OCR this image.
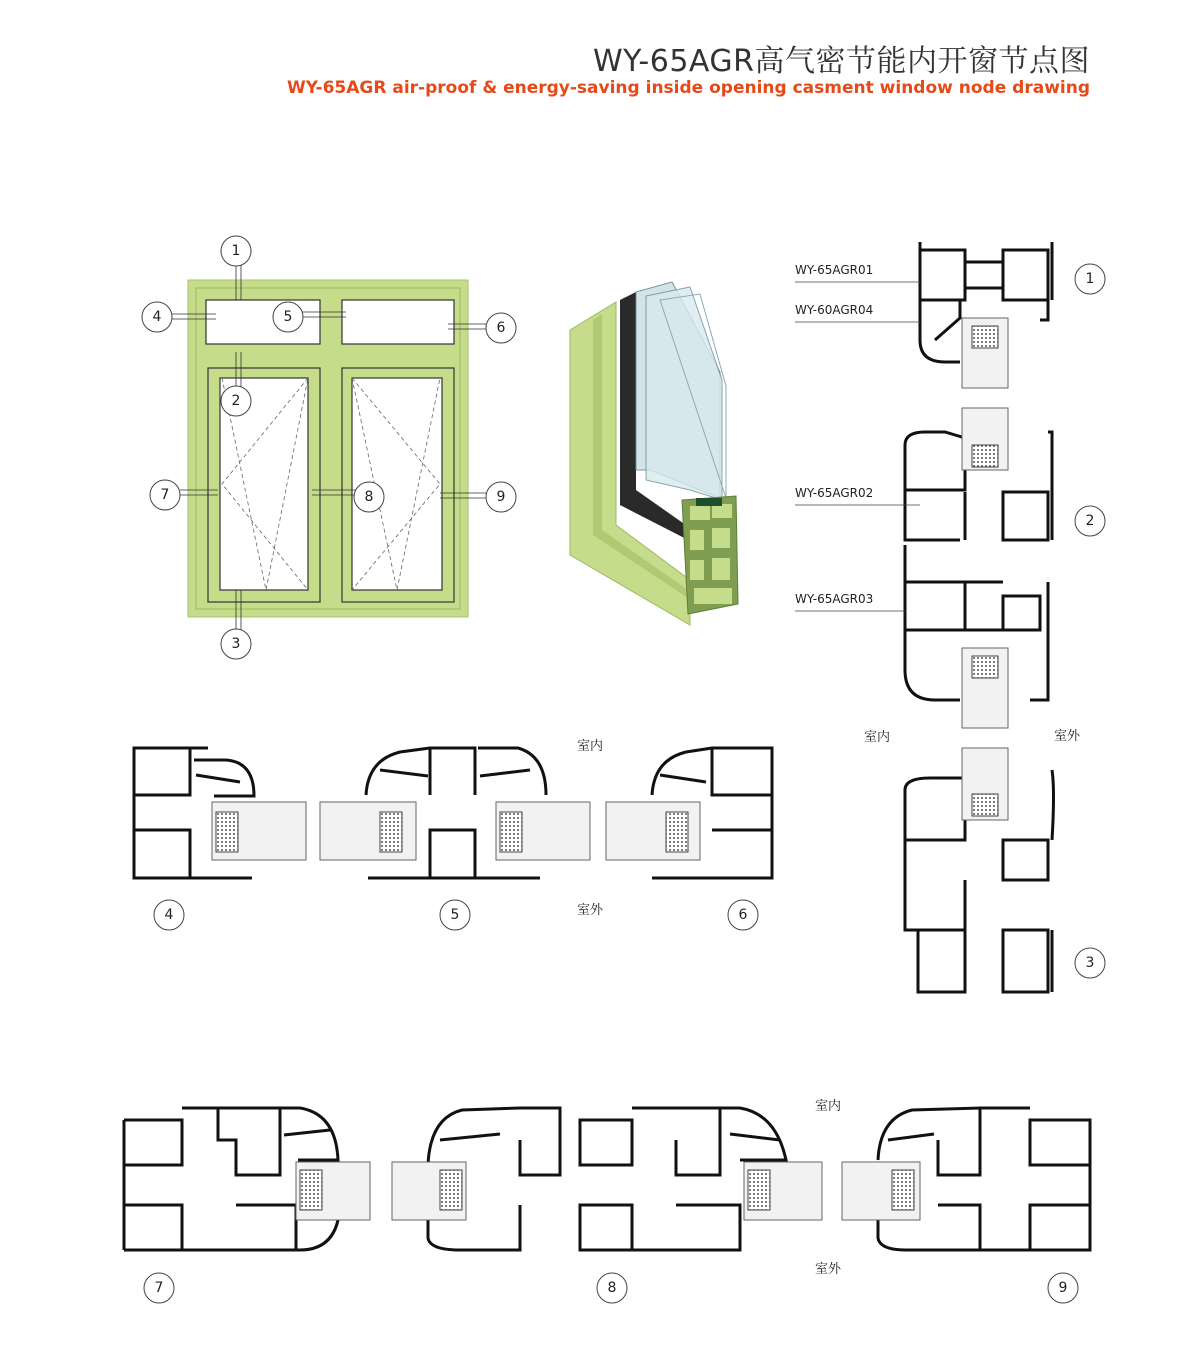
WY-65AGR高气密节能内开窗节点图
WY-65AGR air-proof & energy-saving inside opening casment window node drawing
1
2
3
4	5
6
7	8	9
WY-65AGR01
WY-60AGR04
WY-65AGR02
WY-65AGR03
1
2
3
室内	室外
室内
室外
4	5	6
室内
室外
7	8	9
